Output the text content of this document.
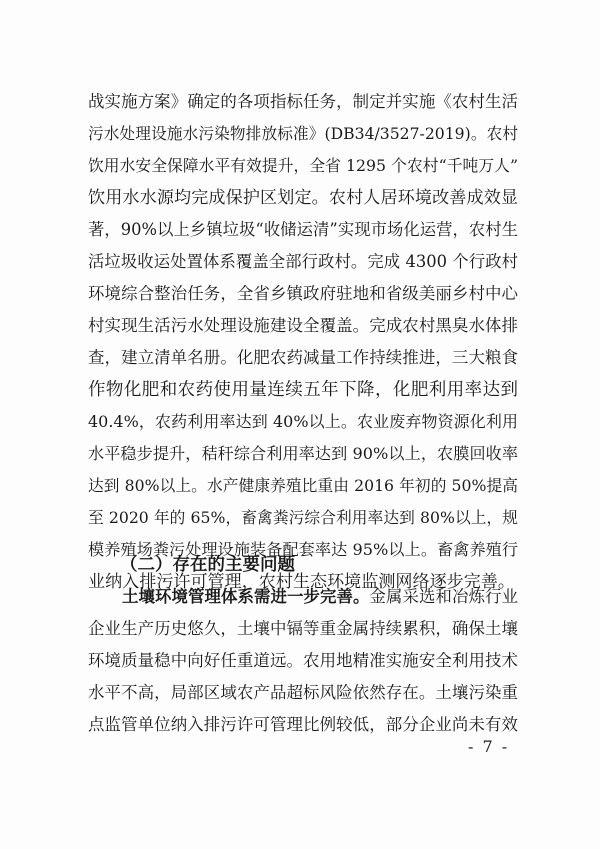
战实施方案》确定的各项指标任务，制定并实施《农村生活
污水处理设施水污染物排放标准》(DB34/3527-2019)。农村
饮用水安全保障水平有效提升，全省 1295 个农村“千吨万人”
饮用水水源均完成保护区划定。农村人居环境改善成效显
著，90%以上乡镇垃圾“收储运清”实现市场化运营，农村生
活垃圾收运处置体系覆盖全部行政村。完成 4300 个行政村
环境综合整治任务，全省乡镇政府驻地和省级美丽乡村中心
村实现生活污水处理设施建设全覆盖。完成农村黑臭水体排
查，建立清单名册。化肥农药减量工作持续推进，三大粮食
作物化肥和农药使用量连续五年下降，化肥利用率达到
40.4%，农药利用率达到 40%以上。农业废弃物资源化利用
水平稳步提升，秸秆综合利用率达到 90%以上，农膜回收率
达到 80%以上。水产健康养殖比重由 2016 年初的 50%提高
至 2020 年的 65%，畜禽粪污综合利用率达到 80%以上，规
模养殖场粪污处理设施装备配套率达 95%以上。畜禽养殖行
业纳入排污许可管理，农村生态环境监测网络逐步完善。
（二）存在的主要问题
土壤环境管理体系需进一步完善。金属采选和冶炼行业
企业生产历史悠久，土壤中镉等重金属持续累积，确保土壤
环境质量稳中向好任重道远。农用地精准实施安全利用技术
水平不高，局部区域农产品超标风险依然存在。土壤污染重
点监管单位纳入排污许可管理比例较低，部分企业尚未有效
- 7 -
